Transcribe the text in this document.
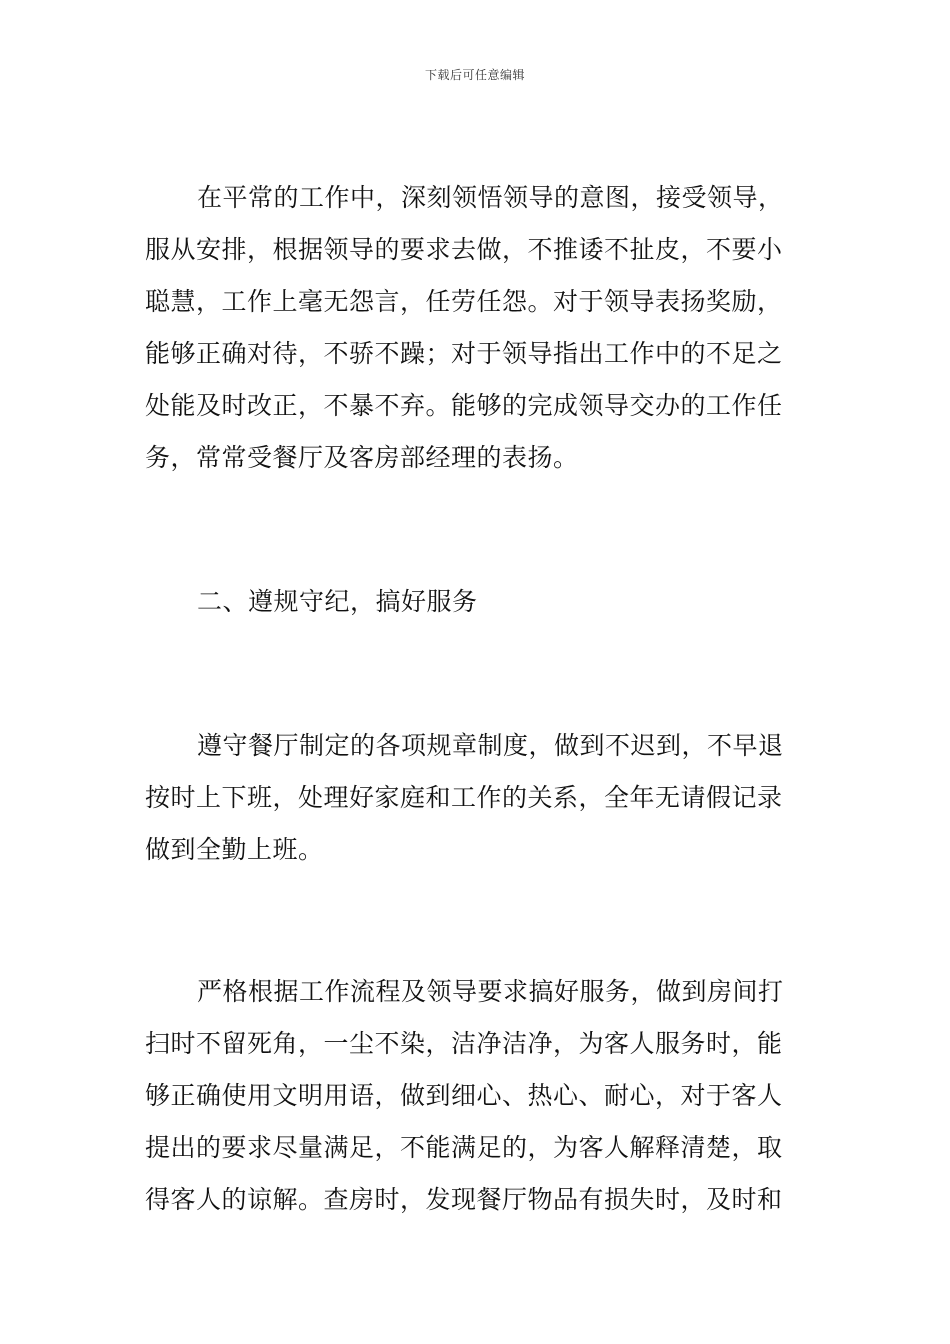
下载后可任意编辑
在平常的工作中，深刻领悟领导的意图，接受领导，
服从安排，根据领导的要求去做，不推诿不扯皮，不要小
聪慧，工作上毫无怨言，任劳任怨。对于领导表扬奖励，
能够正确对待，不骄不躁；对于领导指出工作中的不足之
处能及时改正，不暴不弃。能够的完成领导交办的工作任
务，常常受餐厅及客房部经理的表扬。
二、遵规守纪，搞好服务
遵守餐厅制定的各项规章制度，做到不迟到，不早退
按时上下班，处理好家庭和工作的关系，全年无请假记录
做到全勤上班。
严格根据工作流程及领导要求搞好服务，做到房间打
扫时不留死角，一尘不染，洁净洁净，为客人服务时，能
够正确使用文明用语，做到细心、热心、耐心，对于客人
提出的要求尽量满足，不能满足的，为客人解释清楚，取
得客人的谅解。查房时，发现餐厅物品有损失时，及时和
